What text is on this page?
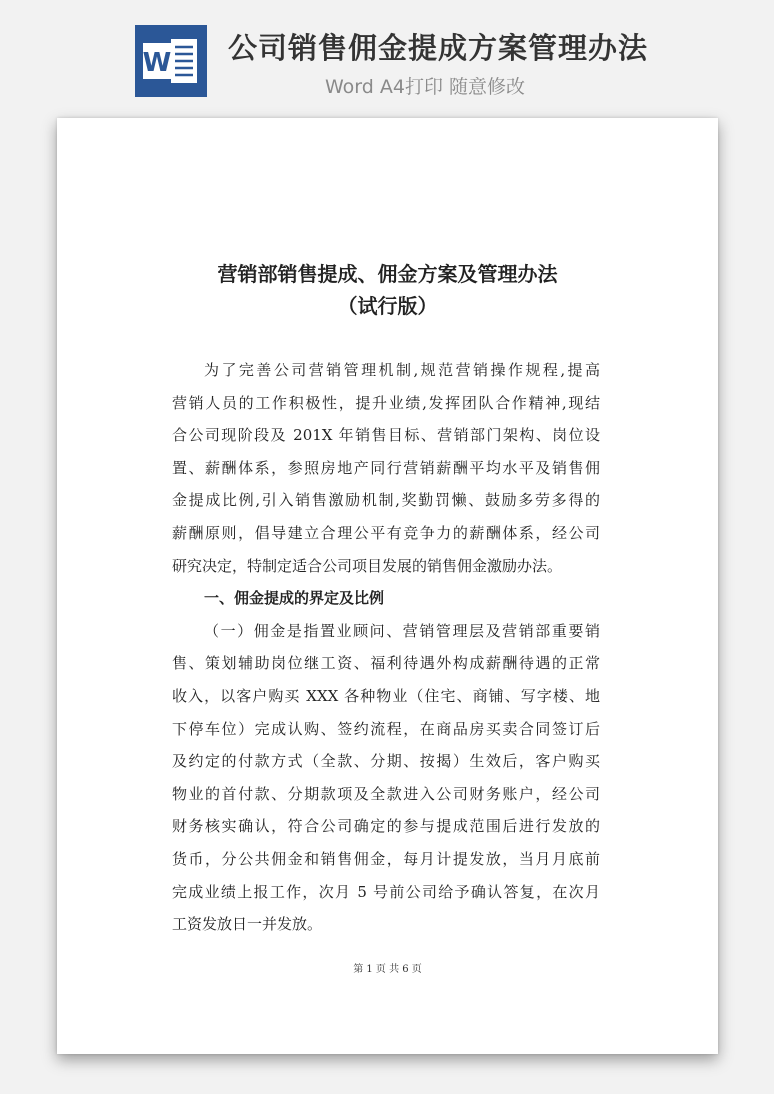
W 公司销售佣金提成方案管理办法
Word A4打印 随意修改
营销部销售提成、佣金方案及管理办法
（试行版）
为了完善公司营销管理机制,规范营销操作规程,提高
营销人员的工作积极性，提升业绩,发挥团队合作精神,现结
合公司现阶段及 201X 年销售目标、营销部门架构、岗位设
置、薪酬体系，参照房地产同行营销薪酬平均水平及销售佣
金提成比例,引入销售激励机制,奖勤罚懒、鼓励多劳多得的
薪酬原则，倡导建立合理公平有竞争力的薪酬体系，经公司
研究决定，特制定适合公司项目发展的销售佣金激励办法。
一、佣金提成的界定及比例
（一）佣金是指置业顾问、营销管理层及营销部重要销
售、策划辅助岗位继工资、福利待遇外构成薪酬待遇的正常
收入，以客户购买 XXX 各种物业（住宅、商铺、写字楼、地
下停车位）完成认购、签约流程，在商品房买卖合同签订后
及约定的付款方式（全款、分期、按揭）生效后，客户购买
物业的首付款、分期款项及全款进入公司财务账户，经公司
财务核实确认，符合公司确定的参与提成范围后进行发放的
货币，分公共佣金和销售佣金，每月计提发放，当月月底前
完成业绩上报工作，次月 5 号前公司给予确认答复，在次月
工资发放日一并发放。
第 1 页 共 6 页
